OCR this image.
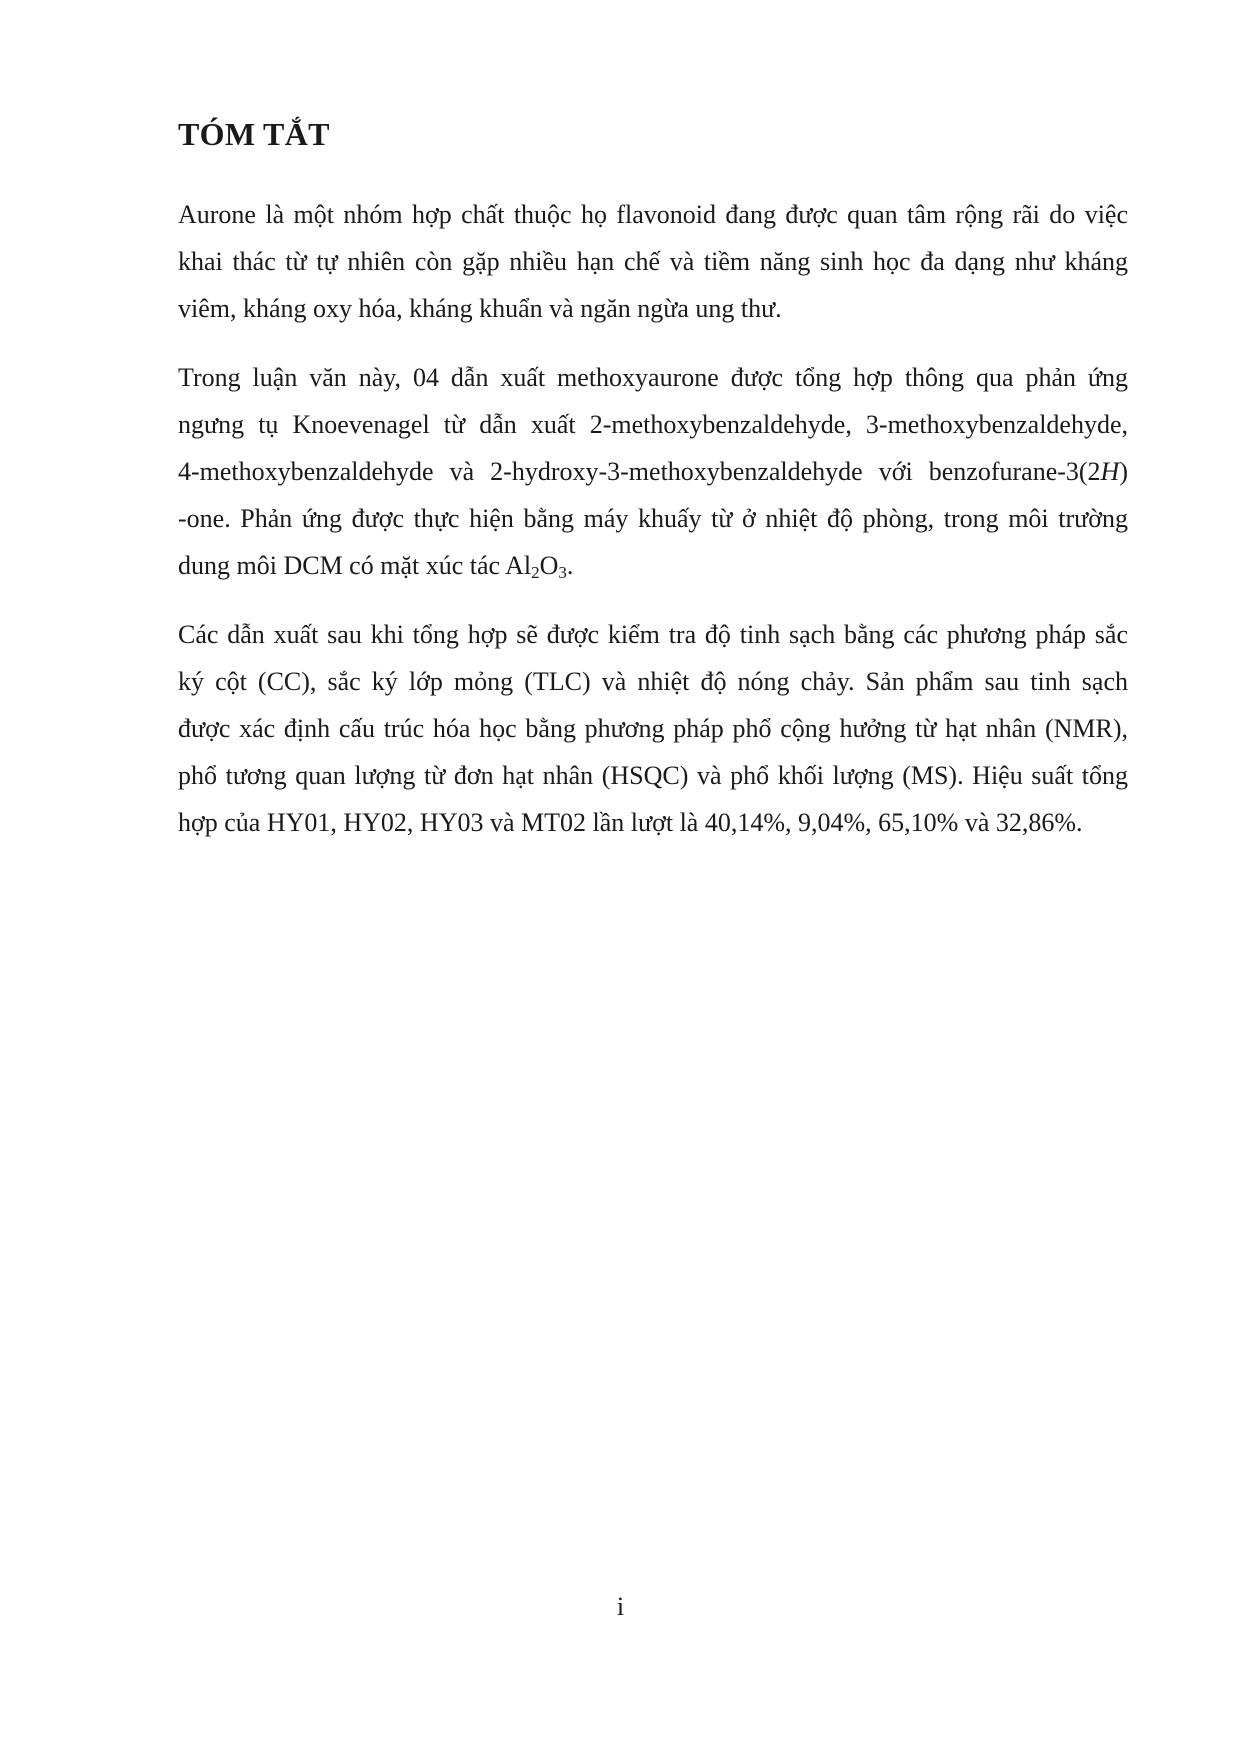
TÓM TẮT

Aurone là một nhóm hợp chất thuộc họ flavonoid đang được quan tâm rộng rãi do việc
khai thác từ tự nhiên còn gặp nhiều hạn chế và tiềm năng sinh học đa dạng như kháng
viêm, kháng oxy hóa, kháng khuẩn và ngăn ngừa ung thư.

Trong luận văn này, 04 dẫn xuất methoxyaurone được tổng hợp thông qua phản ứng
ngưng tụ Knoevenagel từ dẫn xuất 2-methoxybenzaldehyde, 3-methoxybenzaldehyde,
4-methoxybenzaldehyde và 2-hydroxy-3-methoxybenzaldehyde với benzofurane-3(2H)
-one. Phản ứng được thực hiện bằng máy khuấy từ ở nhiệt độ phòng, trong môi trường
dung môi DCM có mặt xúc tác $Al_2O_3$.

Các dẫn xuất sau khi tổng hợp sẽ được kiểm tra độ tinh sạch bằng các phương pháp sắc
ký cột (CC), sắc ký lớp mỏng (TLC) và nhiệt độ nóng chảy. Sản phẩm sau tinh sạch
được xác định cấu trúc hóa học bằng phương pháp phổ cộng hưởng từ hạt nhân (NMR),
phổ tương quan lượng từ đơn hạt nhân (HSQC) và phổ khối lượng (MS). Hiệu suất tổng
hợp của HY01, HY02, HY03 và MT02 lần lượt là 40,14%, 9,04%, 65,10% và 32,86%.

i
